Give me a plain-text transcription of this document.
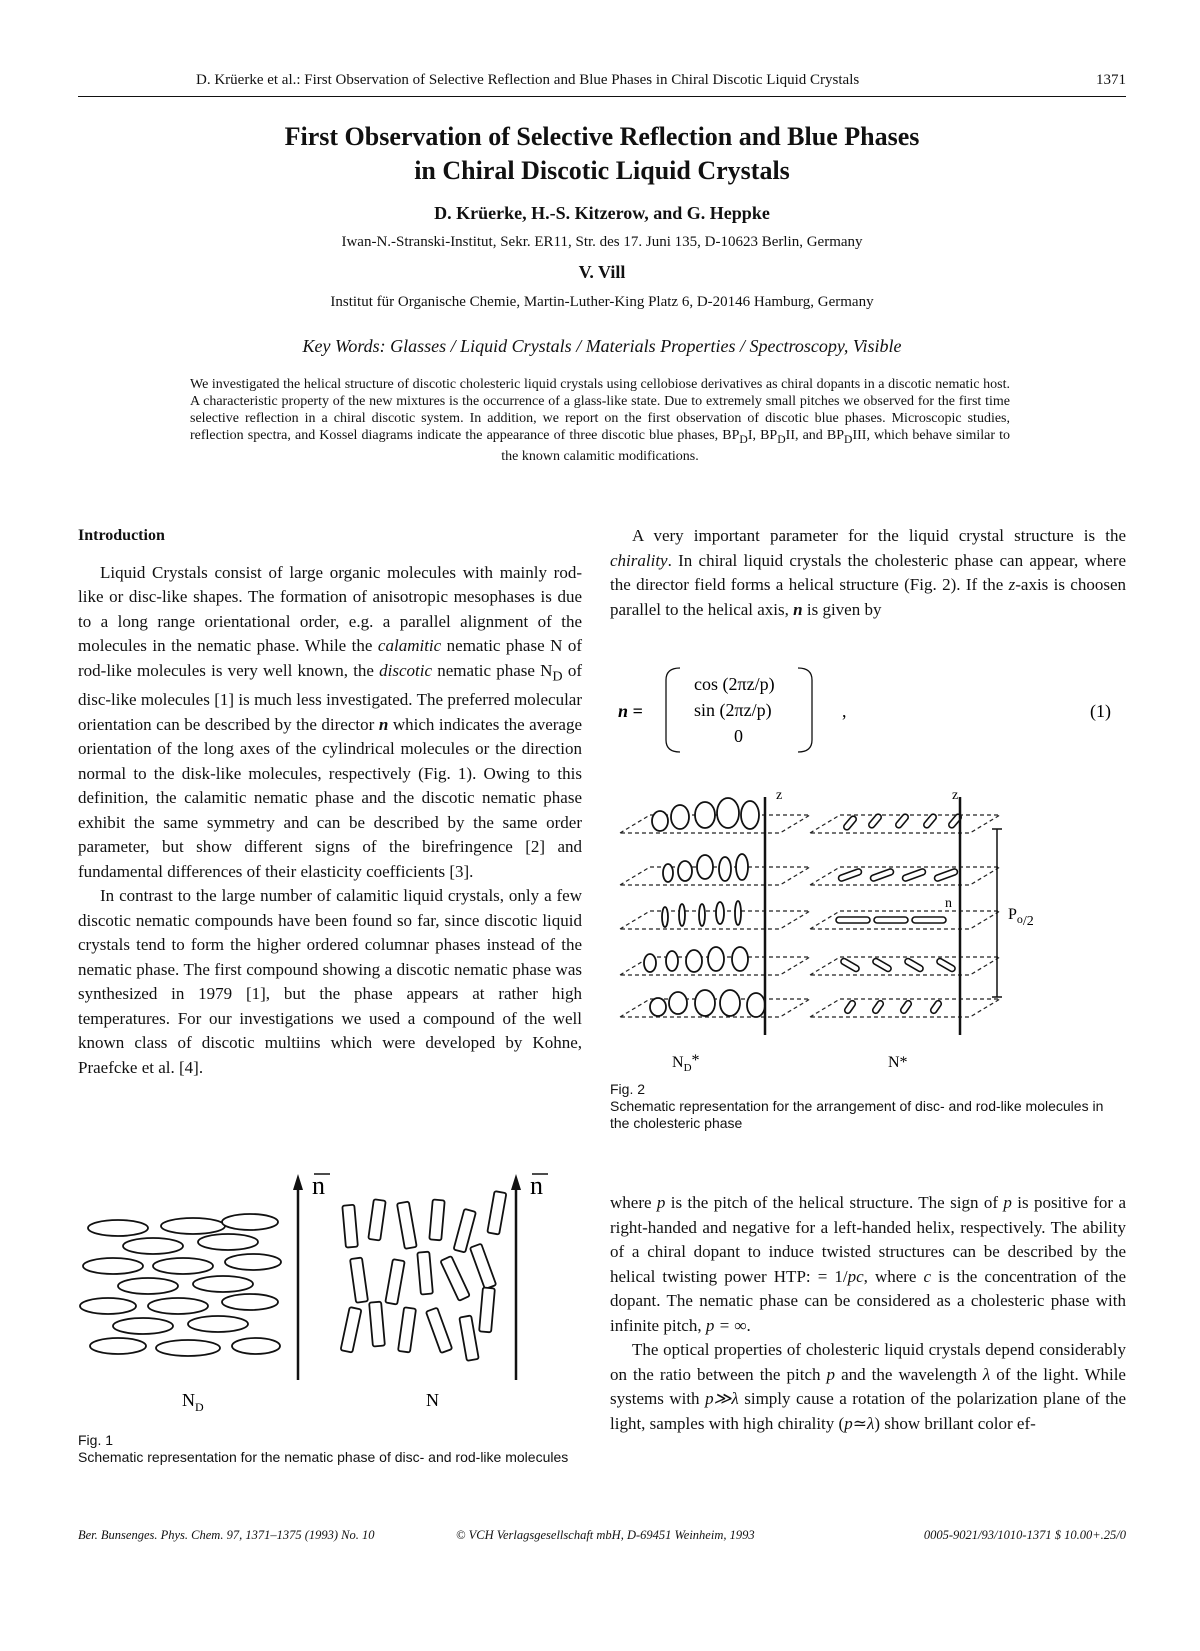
D. Krüerke et al.: First Observation of Selective Reflection and Blue Phases in Chiral Discotic Liquid Crystals	1371
First Observation of Selective Reflection and Blue Phases
in Chiral Discotic Liquid Crystals
D. Krüerke, H.-S. Kitzerow, and G. Heppke
Iwan-N.-Stranski-Institut, Sekr. ER11, Str. des 17. Juni 135, D-10623 Berlin, Germany
V. Vill
Institut für Organische Chemie, Martin-Luther-King Platz 6, D-20146 Hamburg, Germany
Key Words: Glasses / Liquid Crystals / Materials Properties / Spectroscopy, Visible
We investigated the helical structure of discotic cholesteric liquid crystals using cellobiose derivatives as chiral dopants in a discotic nematic host. A characteristic property of the new mixtures is the occurrence of a glass-like state. Due to extremely small pitches we observed for the first time selective reflection in a chiral discotic system. In addition, we report on the first observation of discotic blue phases. Microscopic studies, reflection spectra, and Kossel diagrams indicate the appearance of three discotic blue phases, $BP_DI$, $BP_DII$, and $BP_DIII$, which behave similar to the known calamitic modifications.

Introduction

Liquid Crystals consist of large organic molecules with mainly rod-like or disc-like shapes. The formation of anisotropic mesophases is due to a long range orientational order, e.g. a parallel alignment of the molecules in the nematic phase. While the calamitic nematic phase N of rod-like molecules is very well known, the discotic nematic phase $N_D$ of disc-like molecules [1] is much less investigated. The preferred molecular orientation can be described by the director n which indicates the average orientation of the long axes of the cylindrical molecules or the direction normal to the disk-like molecules, respectively (Fig. 1). Owing to this definition, the calamitic nematic phase and the discotic nematic phase exhibit the same symmetry and can be described by the same order parameter, but show different signs of the birefringence [2] and fundamental differences of their elasticity coefficients [3].

In contrast to the large number of calamitic liquid crystals, only a few discotic nematic compounds have been found so far, since discotic liquid crystals tend to form the higher ordered columnar phases instead of the nematic phase. The first compound showing a discotic nematic phase was synthesized in 1979 [1], but the phase appears at rather high temperatures. For our investigations we used a compound of the well known class of discotic multiins which were developed by Kohne, Praefcke et al. [4].

A very important parameter for the liquid crystal structure is the chirality. In chiral liquid crystals the cholesteric phase can appear, where the director field forms a helical structure (Fig. 2). If the z-axis is choosen parallel to the helical axis, n is given by

n =
cos (2πz/p)
sin (2πz/p)
0
,	(1)
z	z
n
$P_o/2$
$N_D*$	N*
Fig. 2
Schematic representation for the arrangement of disc- and rod-like molecules in the cholesteric phase
n	n
$N_D$	N
Fig. 1
Schematic representation for the nematic phase of disc- and rod-like molecules

where p is the pitch of the helical structure. The sign of p is positive for a right-handed and negative for a left-handed helix, respectively. The ability of a chiral dopant to induce twisted structures can be described by the helical twisting power HTP: = 1/pc, where c is the concentration of the dopant. The nematic phase can be considered as a cholesteric phase with infinite pitch, p = ∞.

The optical properties of cholesteric liquid crystals depend considerably on the ratio between the pitch p and the wavelength λ of the light. While systems with p≫λ simply cause a rotation of the polarization plane of the light, samples with high chirality (p≃λ) show brillant color ef-

Ber. Bunsenges. Phys. Chem. 97, 1371–1375 (1993) No. 10	© VCH Verlagsgesellschaft mbH, D-69451 Weinheim, 1993	0005-9021/93/1010-1371 $ 10.00+.25/0
